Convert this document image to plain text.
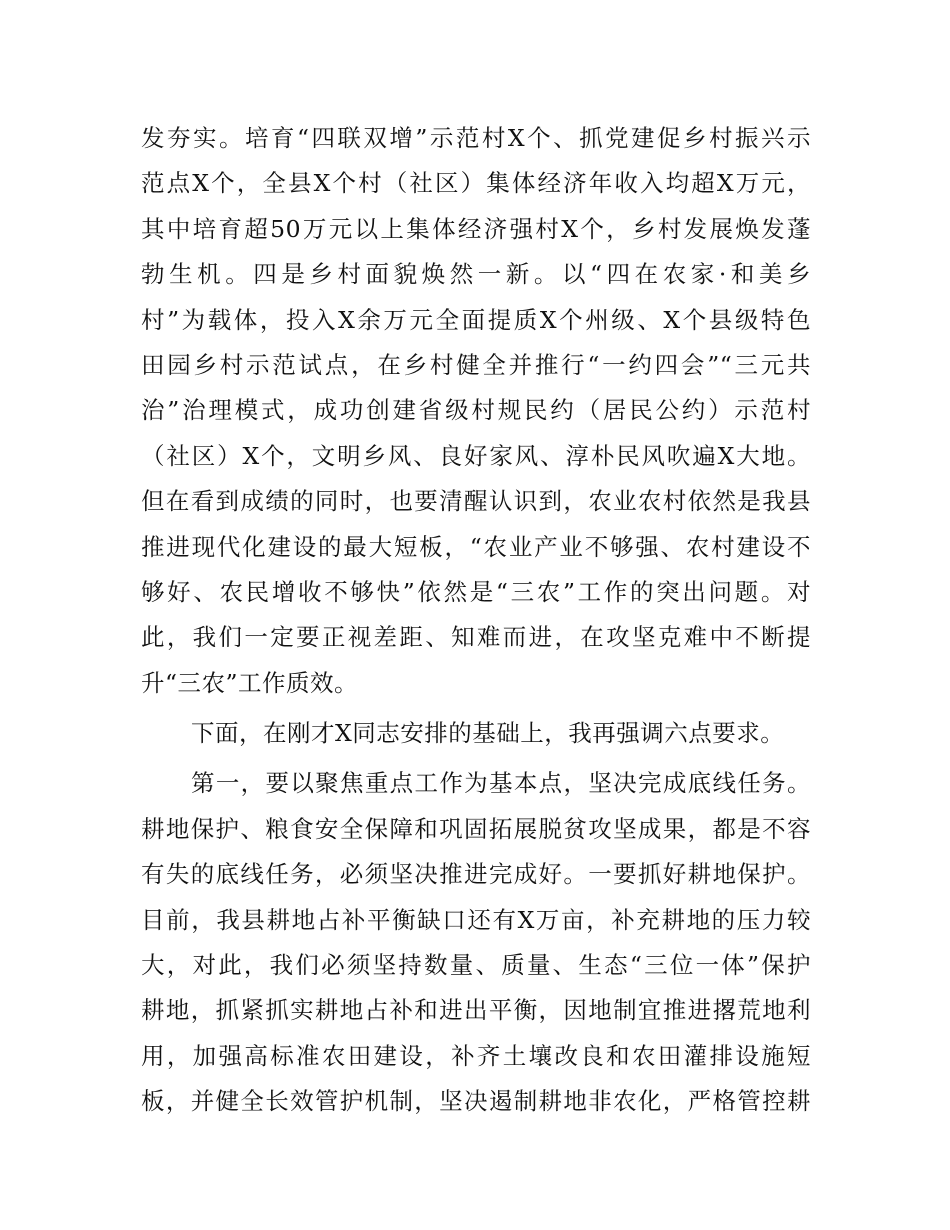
发夯实。培育“四联双增”示范村X个、抓党建促乡村振兴示
范点X个，全县X个村（社区）集体经济年收入均超X万元，
其中培育超50万元以上集体经济强村X个，乡村发展焕发蓬
勃生机。四是乡村面貌焕然一新。以“四在农家·和美乡
村”为载体，投入X余万元全面提质X个州级、X个县级特色
田园乡村示范试点，在乡村健全并推行“一约四会”“三元共
治”治理模式，成功创建省级村规民约（居民公约）示范村
（社区）X个，文明乡风、良好家风、淳朴民风吹遍X大地。
但在看到成绩的同时，也要清醒认识到，农业农村依然是我县
推进现代化建设的最大短板，“农业产业不够强、农村建设不
够好、农民增收不够快”依然是“三农”工作的突出问题。对
此，我们一定要正视差距、知难而进，在攻坚克难中不断提
升“三农”工作质效。
下面，在刚才X同志安排的基础上，我再强调六点要求。
第一，要以聚焦重点工作为基本点，坚决完成底线任务。
耕地保护、粮食安全保障和巩固拓展脱贫攻坚成果，都是不容
有失的底线任务，必须坚决推进完成好。一要抓好耕地保护。
目前，我县耕地占补平衡缺口还有X万亩，补充耕地的压力较
大，对此，我们必须坚持数量、质量、生态“三位一体”保护
耕地，抓紧抓实耕地占补和进出平衡，因地制宜推进撂荒地利
用，加强高标准农田建设，补齐土壤改良和农田灌排设施短
板，并健全长效管护机制，坚决遏制耕地非农化，严格管控耕
